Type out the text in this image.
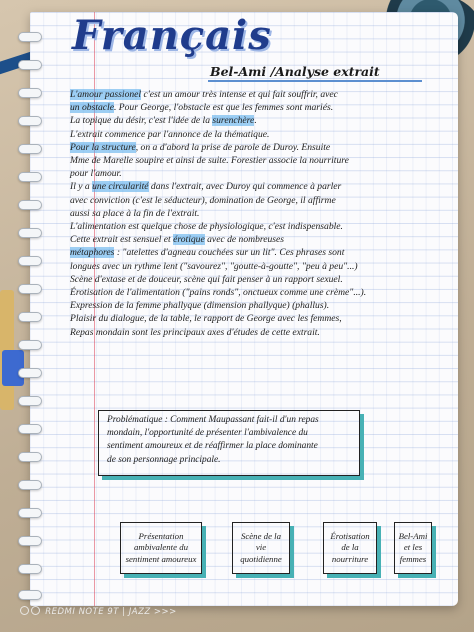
Français

Bel-Ami /Analyse extrait

L'amour passionel c'est un amour très intense et qui fait souffrir, avec

un obstacle. Pour George, l'obstacle est que les femmes sont mariés.

La topique du désir, c'est l'idée de la surenchère.

L'extrait commence par l'annonce de la thématique.

Pour la structure, on a d'abord la prise de parole de Duroy. Ensuite

Mme de Marelle soupire et ainsi de suite. Forestier associe la nourriture

pour l'amour.

Il y a une circularité dans l'extrait, avec Duroy qui commence à parler

avec conviction (c'est le séducteur), domination de George, il affirme

aussi sa place à la fin de l'extrait.

L'alimentation est quelque chose de physiologique, c'est indispensable.

Cette extrait est sensuel et érotique avec de nombreuses

métaphores : "atelettes d'agneau couchées sur un lit". Ces phrases sont

longues avec un rythme lent ("savourez", "goutte-à-goutte", "peu à peu"...)

Scène d'extase et de douceur, scène qui fait penser à un rapport sexuel.

Érotisation de l'alimentation ("pains ronds", onctueux comme une crème"...).

Expression de la femme phallyque (dimension phallyque) (phallus).

Plaisir du dialogue, de la table, le rapport de George avec les femmes,

Repas mondain sont les principaux axes d'études de cette extrait.

Problématique : Comment Maupassant fait-il d'un repas

mondain, l'opportunité de présenter l'ambivalence du

sentiment amoureux et de réaffirmer la place dominante

de son personnage principale.

Présentation

ambivalente du

sentiment amoureux

Scène de la

vie

quotidienne

Érotisation

de la

nourriture

Bel-Ami

et les

femmes

REDMI NOTE 9T | JAZZ >>>
